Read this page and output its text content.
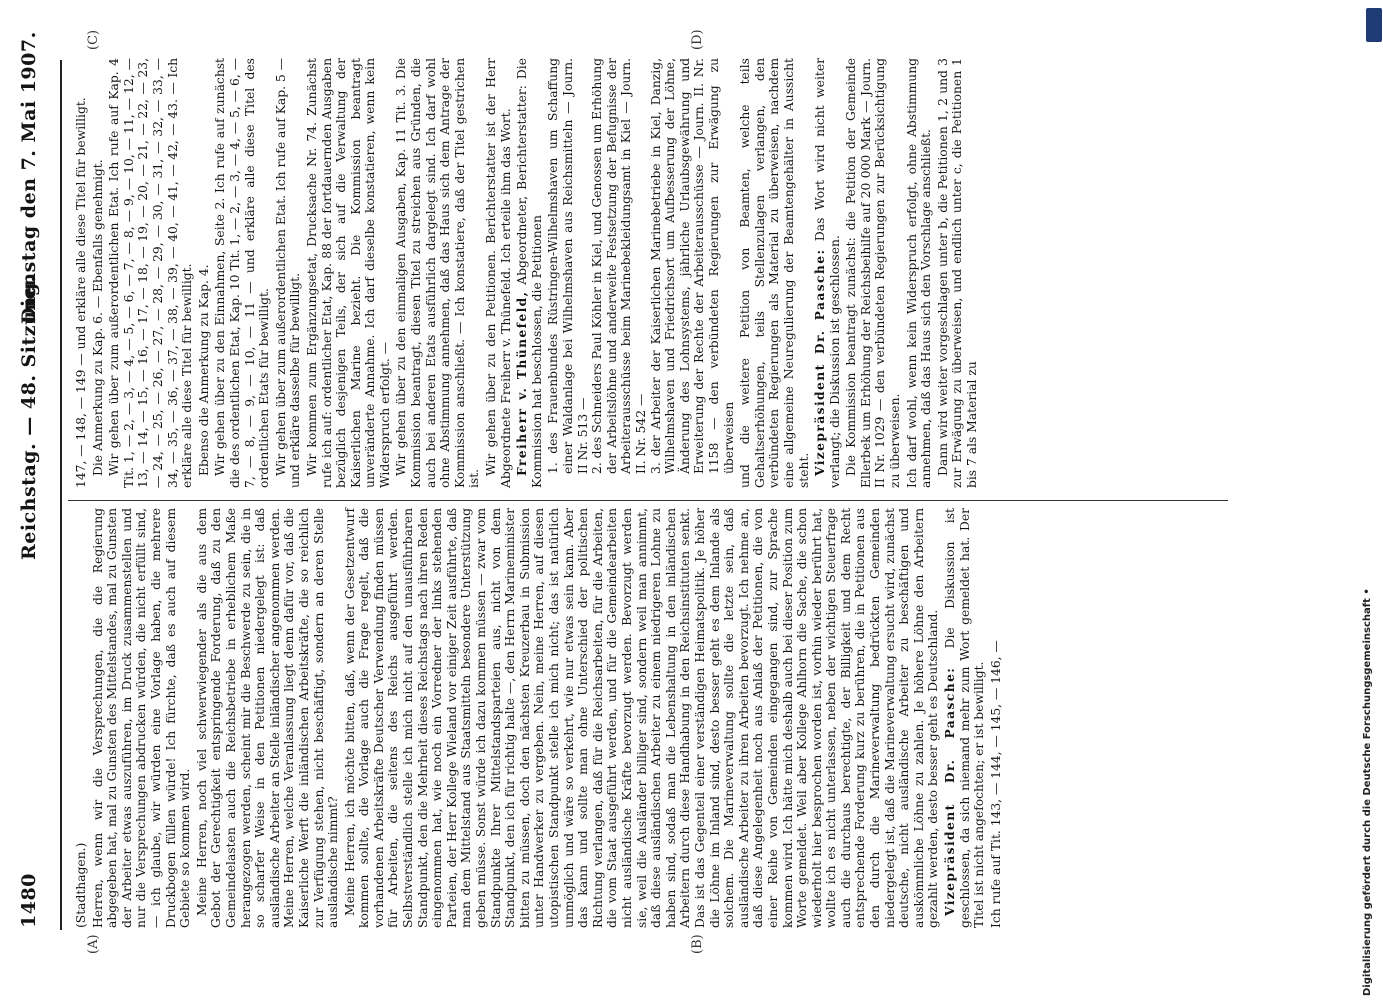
1480
Reichstag. — 48. Sitzung.
Dienstag den 7. Mai 1907.
(A)	(B)
(C)	(D)

(Stadthagen.) Herren, wenn wir die Versprechungen, die die Regierung abgegeben hat, mal zu Gunsten des Mittelstandes, mal zu Gunsten der Arbeiter etwas auszuführen, im Druck zusammenstellen und nur die Versprechungen abdrucken würden, die nicht erfüllt sind, — ich glaube, wir würden eine Vorlage haben, die mehrere Druckbogen füllen würde! Ich fürchte, daß es auch auf diesem Gebiete so kommen wird. Meine Herren, noch viel schwerwiegender als die aus dem Gebot der Gerechtigkeit entspringende Forderung, daß zu den Gemeindelasten auch die Reichsbetriebe in erheblichem Maße herangezogen werden, scheint mir die Beschwerde zu sein, die in so scharfer Weise in den Petitionen niedergelegt ist: daß ausländische Arbeiter an Stelle inländischer angenommen werden. Meine Herren, welche Veranlassung liegt denn dafür vor, daß die Kaiserliche Werft die inländischen Arbeitskräfte, die so reichlich zur Verfügung stehen, nicht beschäftigt, sondern an deren Stelle ausländische nimmt? Meine Herren, ich möchte bitten, daß, wenn der Gesetzentwurf kommen sollte, die Vorlage auch die Frage regelt, daß die vorhandenen Arbeitskräfte Deutscher Verwendung finden müssen für Arbeiten, die seitens des Reichs ausgeführt werden. Selbstverständlich stelle ich mich nicht auf den unausführbaren Standpunkt, den die Mehrheit dieses Reichstags nach ihren Reden eingenommen hat, wie noch ein Vorredner der links stehenden Parteien, der Herr Kollege Wieland vor einiger Zeit ausführte, daß man dem Mittelstand aus Staatsmitteln besondere Unterstützung geben müsse. Sonst würde ich dazu kommen müssen — zwar vom Standpunkte Ihrer Mittelstandsparteien aus, nicht von dem Standpunkt, den ich für richtig halte —, den Herrn Marineminister bitten zu müssen, doch den nächsten Kreuzerbau in Submission unter Handwerker zu vergeben. Nein, meine Herren, auf diesen utopistischen Standpunkt stelle ich mich nicht; das ist natürlich unmöglich und wäre so verkehrt, wie nur etwas sein kann. Aber das kann und sollte man ohne Unterschied der politischen Richtung verlangen, daß für die Reichsarbeiten, für die Arbeiten, die vom Staat ausgeführt werden, und für die Gemeindearbeiten nicht ausländische Kräfte bevorzugt werden. Bevorzugt werden sie, weil die Ausländer billiger sind, sondern weil man annimmt, daß diese ausländischen Arbeiter zu einem niedrigeren Lohne zu haben sind, sodaß man die Lebenshaltung in den inländischen Arbeitern durch diese Handhabung in den Reichsinstituten senkt. Das ist das Gegenteil einer verständigen Heimatspolitik. Je höher die Löhne im Inland sind, desto besser geht es dem Inlande als solchem. Die Marineverwaltung sollte die letzte sein, daß ausländische Arbeiter zu ihren Arbeiten bevorzugt. Ich nehme an, daß diese Angelegenheit noch aus Anlaß der Petitionen, die von einer Reihe von Gemeinden eingegangen sind, zur Sprache kommen wird. Ich hätte mich deshalb auch bei dieser Position zum Worte gemeldet. Weil aber Kollege Ahlhorn die Sache, die schon wiederholt hier besprochen worden ist, vorhin wieder berührt hat, wollte ich es nicht unterlassen, neben der wichtigen Steuerfrage auch die durchaus berechtigte, der Billigkeit und dem Recht entsprechende Forderung kurz zu berühren, die in Petitionen aus den durch die Marineverwaltung bedrückten Gemeinden niedergelegt ist, daß die Marineverwaltung ersucht wird, zunächst deutsche, nicht ausländische Arbeiter zu beschäftigen und auskömmliche Löhne zu zahlen. Je höhere Löhne den Arbeitern gezahlt werden, desto besser geht es Deutschland. Vizepräsident Dr. Paasche: Die Diskussion ist geschlossen, da sich niemand mehr zum Wort gemeldet hat. Der Titel ist nicht angefochten; er ist bewilligt. Ich rufe auf Tit. 143, — 144, — 145, — 146, —

147, — 148, — 149 — und erkläre alle diese Titel für bewilligt. Die Anmerkung zu Kap. 6. — Ebenfalls genehmigt. Wir gehen über zum außerordentlichen Etat. Ich rufe auf Kap. 4 Tit. 1, — 2, — 3, — 4, — 5, — 6, — 7, — 8, — 9, — 10, — 11, — 12, — 13, — 14, — 15, — 16, — 17, — 18, — 19, — 20, — 21, — 22, — 23, — 24, — 25, — 26, — 27, — 28, — 29, — 30, — 31, — 32, — 33, — 34, — 35, — 36, — 37, — 38, — 39, — 40, — 41, — 42, — 43. — Ich erkläre alle diese Titel für bewilligt. Ebenso die Anmerkung zu Kap. 4. Wir gehen über zu den Einnahmen, Seite 2. Ich rufe auf zunächst die des ordentlichen Etat, Kap. 10 Tit. 1, — 2, — 3, — 4, — 5, — 6, — 7, — 8, — 9, — 10, — 11 — und erkläre alle diese Titel des ordentlichen Etats für bewilligt. Wir gehen über zum außerordentlichen Etat. Ich rufe auf Kap. 5 — und erkläre dasselbe für bewilligt. Wir kommen zum Ergänzungsetat, Drucksache Nr. 74. Zunächst rufe ich auf: ordentlicher Etat, Kap. 88 der fortdauernden Ausgaben bezüglich desjenigen Teils, der sich auf die Verwaltung der Kaiserlichen Marine bezieht. Die Kommission beantragt unveränderte Annahme. Ich darf dieselbe konstatieren, wenn kein Widerspruch erfolgt. — Wir gehen über zu den einmaligen Ausgaben, Kap. 11 Tit. 3. Die Kommission beantragt, diesen Titel zu streichen aus Gründen, die auch bei anderen Etats ausführlich dargelegt sind. Ich darf wohl ohne Abstimmung annehmen, daß das Haus sich dem Antrage der Kommission anschließt. — Ich konstatiere, daß der Titel gestrichen ist.

Wir gehen über zu den Petitionen. Berichterstatter ist der Herr Abgeordnete Freiherr v. Thünefeld. Ich erteile ihm das Wort. Freiherr v. Thünefeld, Abgeordneter, Berichterstatter: Die Kommission hat beschlossen, die Petitionen 1. des Frauenbundes Rüstringen-Wilhelmshaven um Schaffung einer Waldanlage bei Wilhelmshaven aus Reichsmitteln — Journ. II Nr. 513 — 2. des Schneiders Paul Köhler in Kiel, und Genossen um Erhöhung der Arbeitslöhne und anderweite Festsetzung der Befugnisse der Arbeiterausschüsse beim Marinebekleidungsamt in Kiel — Journ. II. Nr. 542 — 3. der Arbeiter der Kaiserlichen Marinebetriebe in Kiel, Danzig, Wilhelmshaven und Friedrichsort um Aufbesserung der Löhne, Änderung des Lohnsystems, jährliche Urlaubsgewährung und Erweiterung der Rechte der Arbeiterausschüsse — Journ. II. Nr. 1158 — den verbündeten Regierungen zur Erwägung zu überweisen und die weitere Petition von Beamten, welche teils Gehaltserhöhungen, teils Stellenzulagen verlangen, den verbündeten Regierungen als Material zu überweisen, nachdem eine allgemeine Neuregulierung der Beamtengehälter in Aussicht steht. Vizepräsident Dr. Paasche: Das Wort wird nicht weiter verlangt; die Diskussion ist geschlossen. Die Kommission beantragt zunächst: die Petition der Gemeinde Ellerbek um Erhöhung der Reichsbeihilfe auf 20 000 Mark — Journ. II Nr. 1029 — den verbündeten Regierungen zur Berücksichtigung zu überweisen. Ich darf wohl, wenn kein Widerspruch erfolgt, ohne Abstimmung annehmen, daß das Haus sich den Vorschlage anschließt. Dann wird weiter vorgeschlagen unter b, die Petitionen 1, 2 und 3 zur Erwägung zu überweisen, und endlich unter c, die Petitionen 1 bis 7 als Material zu

Digitalisierung gefördert durch die Deutsche Forschungsgemeinschaft •
